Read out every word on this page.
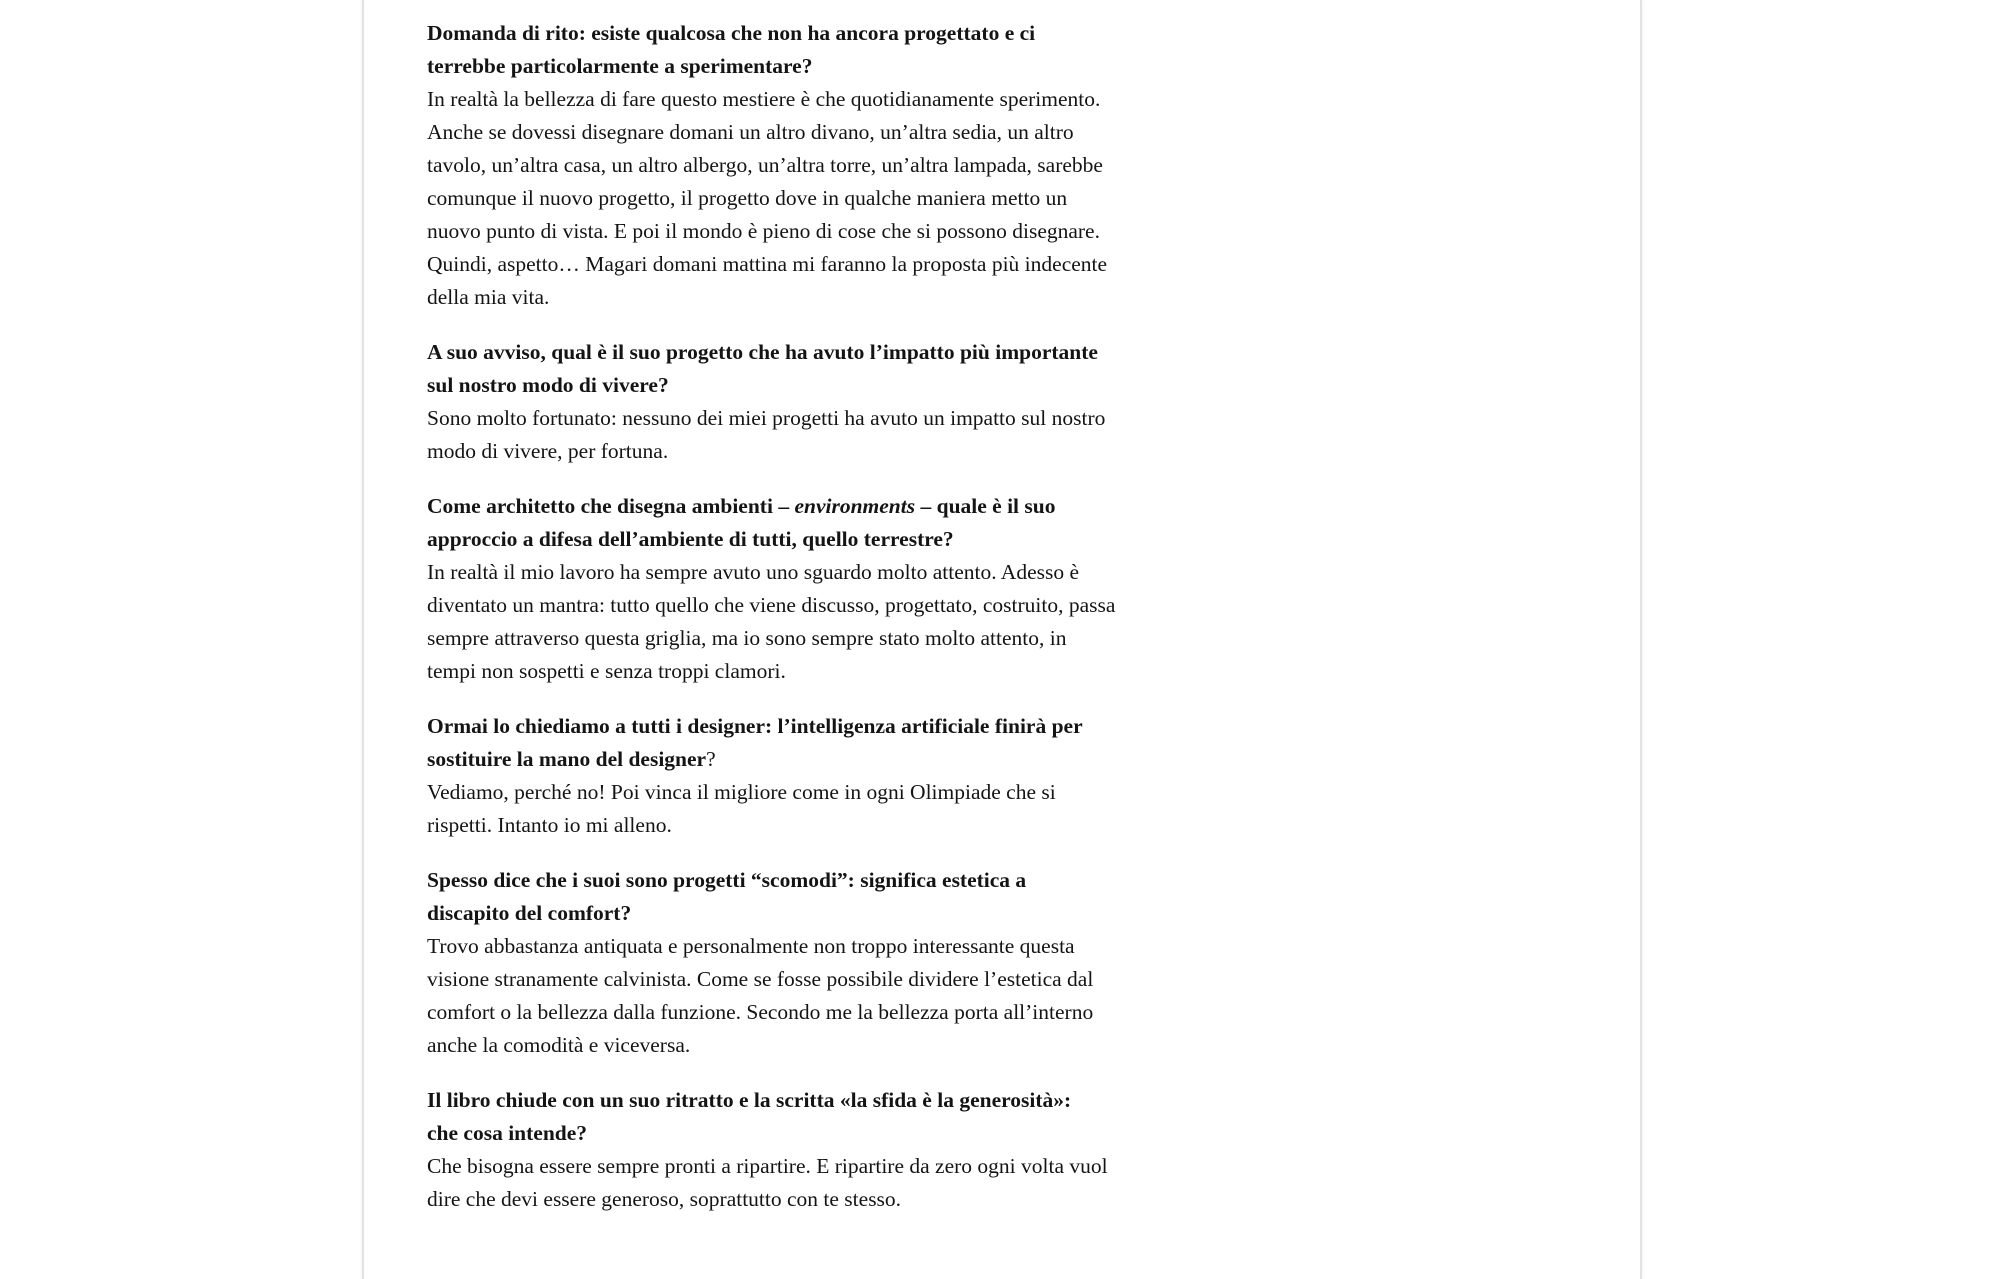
Domanda di rito: esiste qualcosa che non ha ancora progettato e ci
terrebbe particolarmente a sperimentare?
In realtà la bellezza di fare questo mestiere è che quotidianamente sperimento.
Anche se dovessi disegnare domani un altro divano, un’altra sedia, un altro
tavolo, un’altra casa, un altro albergo, un’altra torre, un’altra lampada, sarebbe
comunque il nuovo progetto, il progetto dove in qualche maniera metto un
nuovo punto di vista. E poi il mondo è pieno di cose che si possono disegnare.
Quindi, aspetto… Magari domani mattina mi faranno la proposta più indecente
della mia vita.
A suo avviso, qual è il suo progetto che ha avuto l’impatto più importante
sul nostro modo di vivere?
Sono molto fortunato: nessuno dei miei progetti ha avuto un impatto sul nostro
modo di vivere, per fortuna.
Come architetto che disegna ambienti – environments – quale è il suo
approccio a difesa dell’ambiente di tutti, quello terrestre?
In realtà il mio lavoro ha sempre avuto uno sguardo molto attento. Adesso è
diventato un mantra: tutto quello che viene discusso, progettato, costruito, passa
sempre attraverso questa griglia, ma io sono sempre stato molto attento, in
tempi non sospetti e senza troppi clamori.
Ormai lo chiediamo a tutti i designer: l’intelligenza artificiale finirà per
sostituire la mano del designer?
Vediamo, perché no! Poi vinca il migliore come in ogni Olimpiade che si
rispetti. Intanto io mi alleno.
Spesso dice che i suoi sono progetti “scomodi”: significa estetica a
discapito del comfort?
Trovo abbastanza antiquata e personalmente non troppo interessante questa
visione stranamente calvinista. Come se fosse possibile dividere l’estetica dal
comfort o la bellezza dalla funzione. Secondo me la bellezza porta all’interno
anche la comodità e viceversa.
Il libro chiude con un suo ritratto e la scritta «la sfida è la generosità»:
che cosa intende?
Che bisogna essere sempre pronti a ripartire. E ripartire da zero ogni volta vuol
dire che devi essere generoso, soprattutto con te stesso.
